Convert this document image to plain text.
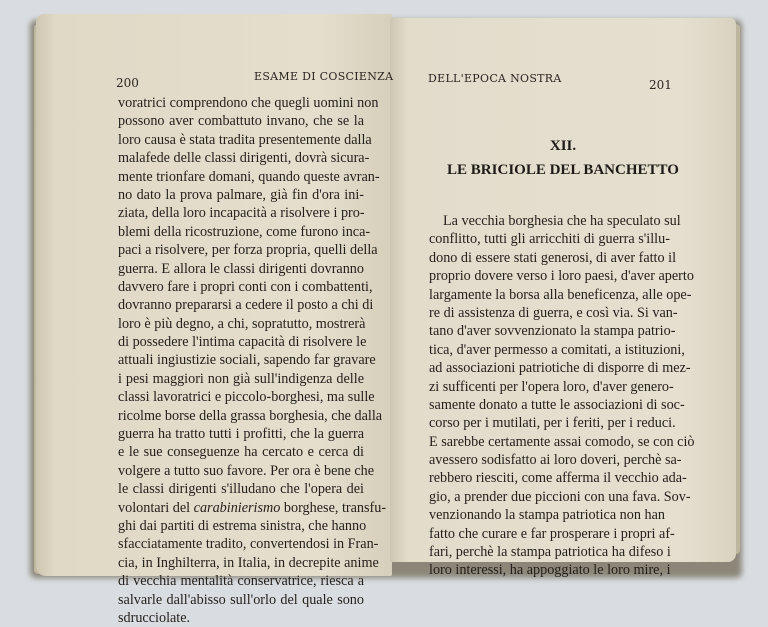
200	ESAME DI COSCIENZA
voratrici comprendono che quegli uomini non
possono aver combattuto invano, che se la
loro causa è stata tradita presentemente dalla
malafede delle classi dirigenti, dovrà sicura-
mente trionfare domani, quando queste avran-
no dato la prova palmare, già fin d'ora ini-
ziata, della loro incapacità a risolvere i pro-
blemi della ricostruzione, come furono inca-
paci a risolvere, per forza propria, quelli della
guerra. E allora le classi dirigenti dovranno
davvero fare i propri conti con i combattenti,
dovranno prepararsi a cedere il posto a chi di
loro è più degno, a chi, sopratutto, mostrerà
di possedere l'intima capacità di risolvere le
attuali ingiustizie sociali, sapendo far gravare
i pesi maggiori non già sull'indigenza delle
classi lavoratrici e piccolo-borghesi, ma sulle
ricolme borse della grassa borghesia, che dalla
guerra ha tratto tutti i profitti, che la guerra
e le sue conseguenze ha cercato e cerca di
volgere a tutto suo favore. Per ora è bene che
le classi dirigenti s'illudano che l'opera dei
volontari del carabinierismo borghese, transfu-
ghi dai partiti di estrema sinistra, che hanno
sfacciatamente tradito, convertendosi in Fran-
cia, in Inghilterra, in Italia, in decrepite anime
di vecchia mentalità conservatrice, riesca a
salvarle dall'abisso sull'orlo del quale sono
sdrucciolate.
DELL'EPOCA NOSTRA	201
XII.
LE BRICIOLE DEL BANCHETTO
La vecchia borghesia che ha speculato sul
conflitto, tutti gli arricchiti di guerra s'illu-
dono di essere stati generosi, di aver fatto il
proprio dovere verso i loro paesi, d'aver aperto
largamente la borsa alla beneficenza, alle ope-
re di assistenza di guerra, e così via. Si van-
tano d'aver sovvenzionato la stampa patrio-
tica, d'aver permesso a comitati, a istituzioni,
ad associazioni patriotiche di disporre di mez-
zi sufficenti per l'opera loro, d'aver genero-
samente donato a tutte le associazioni di soc-
corso per i mutilati, per i feriti, per i reduci.
E sarebbe certamente assai comodo, se con ciò
avessero sodisfatto ai loro doveri, perchè sa-
rebbero riesciti, come afferma il vecchio ada-
gio, a prender due piccioni con una fava. Sov-
venzionando la stampa patriotica non han
fatto che curare e far prosperare i propri af-
fari, perchè la stampa patriotica ha difeso i
loro interessi, ha appoggiato le loro mire, i
